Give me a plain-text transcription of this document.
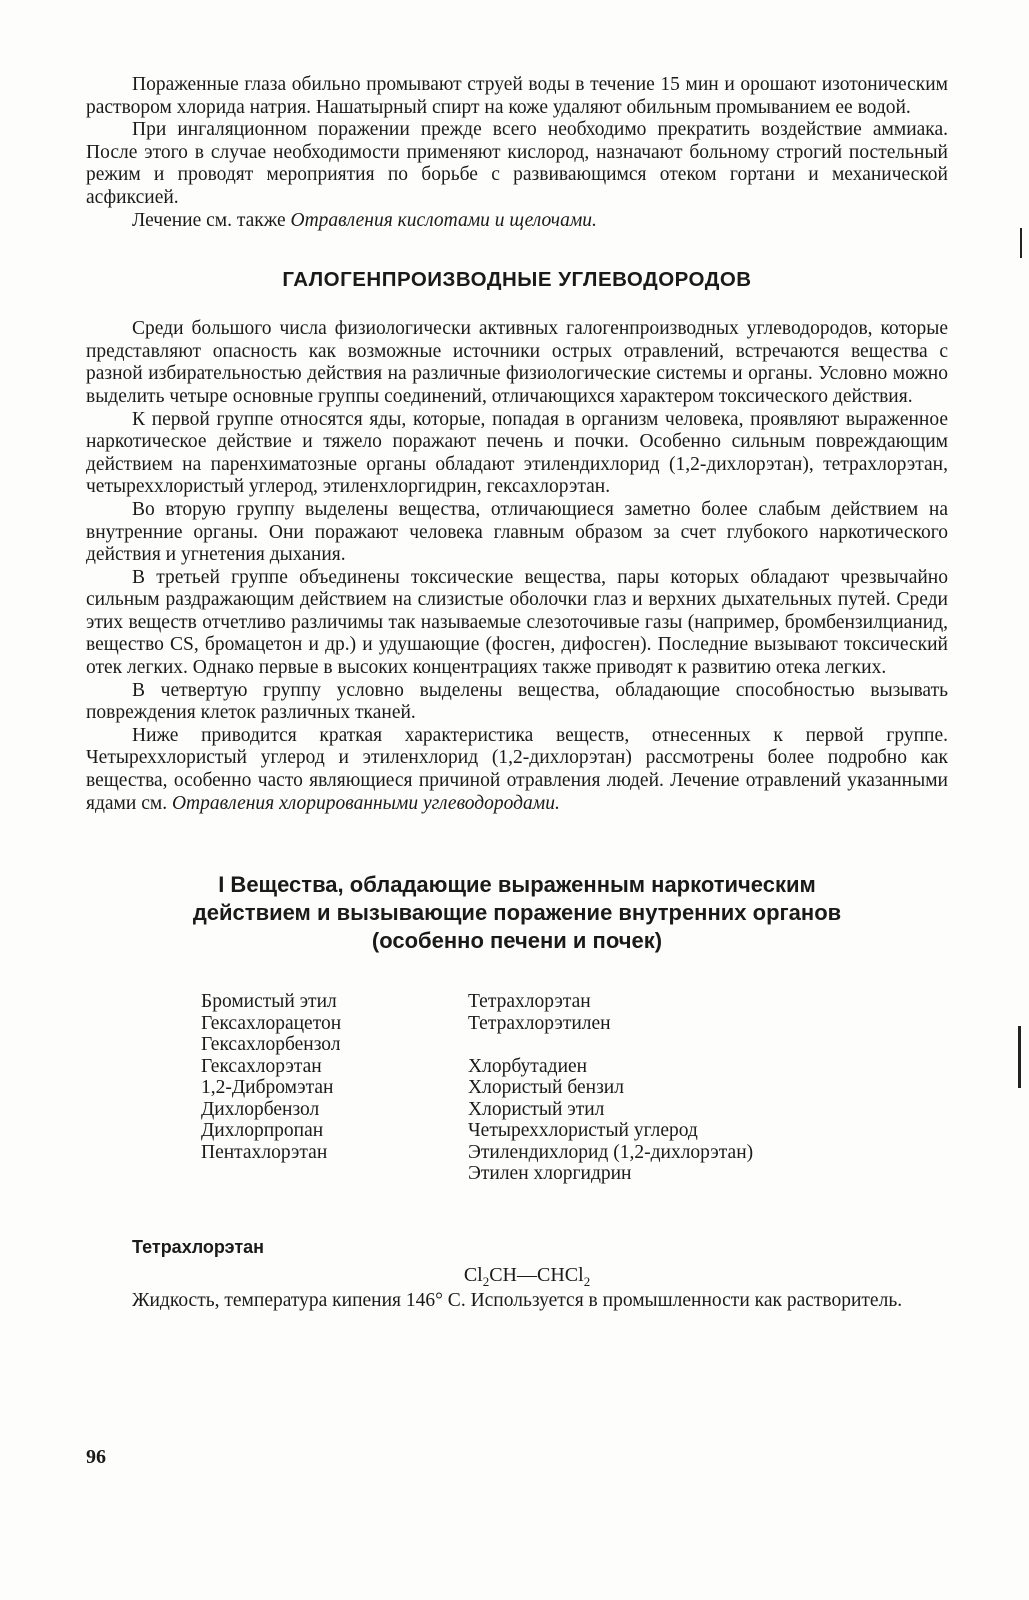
Пораженные глаза обильно промывают струей воды в течение 15 мин и орошают изотоническим раствором хлорида натрия. Нашатырный спирт на коже удаляют обильным промыванием ее водой.

При ингаляционном поражении прежде всего необходимо прекратить воздействие аммиака. После этого в случае необходимости применяют кислород, назначают больному строгий постельный режим и проводят мероприятия по борьбе с развивающимся отеком гортани и механической асфиксией.

Лечение см. также Отравления кислотами и щелочами.

ГАЛОГЕНПРОИЗВОДНЫЕ УГЛЕВОДОРОДОВ

Среди большого числа физиологически активных галогенпроизводных углеводородов, которые представляют опасность как возможные источники острых отравлений, встречаются вещества с разной избирательностью действия на различные физиологические системы и органы. Условно можно выделить четыре основные группы соединений, отличающихся характером токсического действия.

К первой группе относятся яды, которые, попадая в организм человека, проявляют выраженное наркотическое действие и тяжело поражают печень и почки. Особенно сильным повреждающим действием на паренхиматозные органы обладают этилендихлорид (1,2-дихлорэтан), тетрахлорэтан, четыреххлористый углерод, этиленхлоргидрин, гексахлорэтан.

Во вторую группу выделены вещества, отличающиеся заметно более слабым действием на внутренние органы. Они поражают человека главным образом за счет глубокого наркотического действия и угнетения дыхания.

В третьей группе объединены токсические вещества, пары которых обладают чрезвычайно сильным раздражающим действием на слизистые оболочки глаз и верхних дыхательных путей. Среди этих веществ отчетливо различимы так называемые слезоточивые газы (например, бромбензилцианид, вещество CS, бромацетон и др.) и удушающие (фосген, дифосген). Последние вызывают токсический отек легких. Однако первые в высоких концентрациях также приводят к развитию отека легких.

В четвертую группу условно выделены вещества, обладающие способностью вызывать повреждения клеток различных тканей.

Ниже приводится краткая характеристика веществ, отнесенных к первой группе. Четыреххлористый углерод и этиленхлорид (1,2-дихлорэтан) рассмотрены более подробно как вещества, особенно часто являющиеся причиной отравления людей. Лечение отравлений указанными ядами см. Отравления хлорированными углеводородами.

I Вещества, обладающие выраженным наркотическим
действием и вызывающие поражение внутренних органов
(особенно печени и почек)
Бромистый этил
Гексахлорацетон
Гексахлорбензол
Гексахлорэтан
1,2-Дибромэтан
Дихлорбензол
Дихлорпропан
Пентахлорэтан
Тетрахлорэтан
Тетрахлорэтилен
Хлорбутадиен
Хлористый бензил
Хлористый этил
Четыреххлористый углерод
Этилендихлорид (1,2-дихлорэтан)
Этилен хлоргидрин
Тетрахлорэтан
$Cl_2CH—CHCl_2$

Жидкость, температура кипения 146° С. Используется в промышленности как растворитель.

96
